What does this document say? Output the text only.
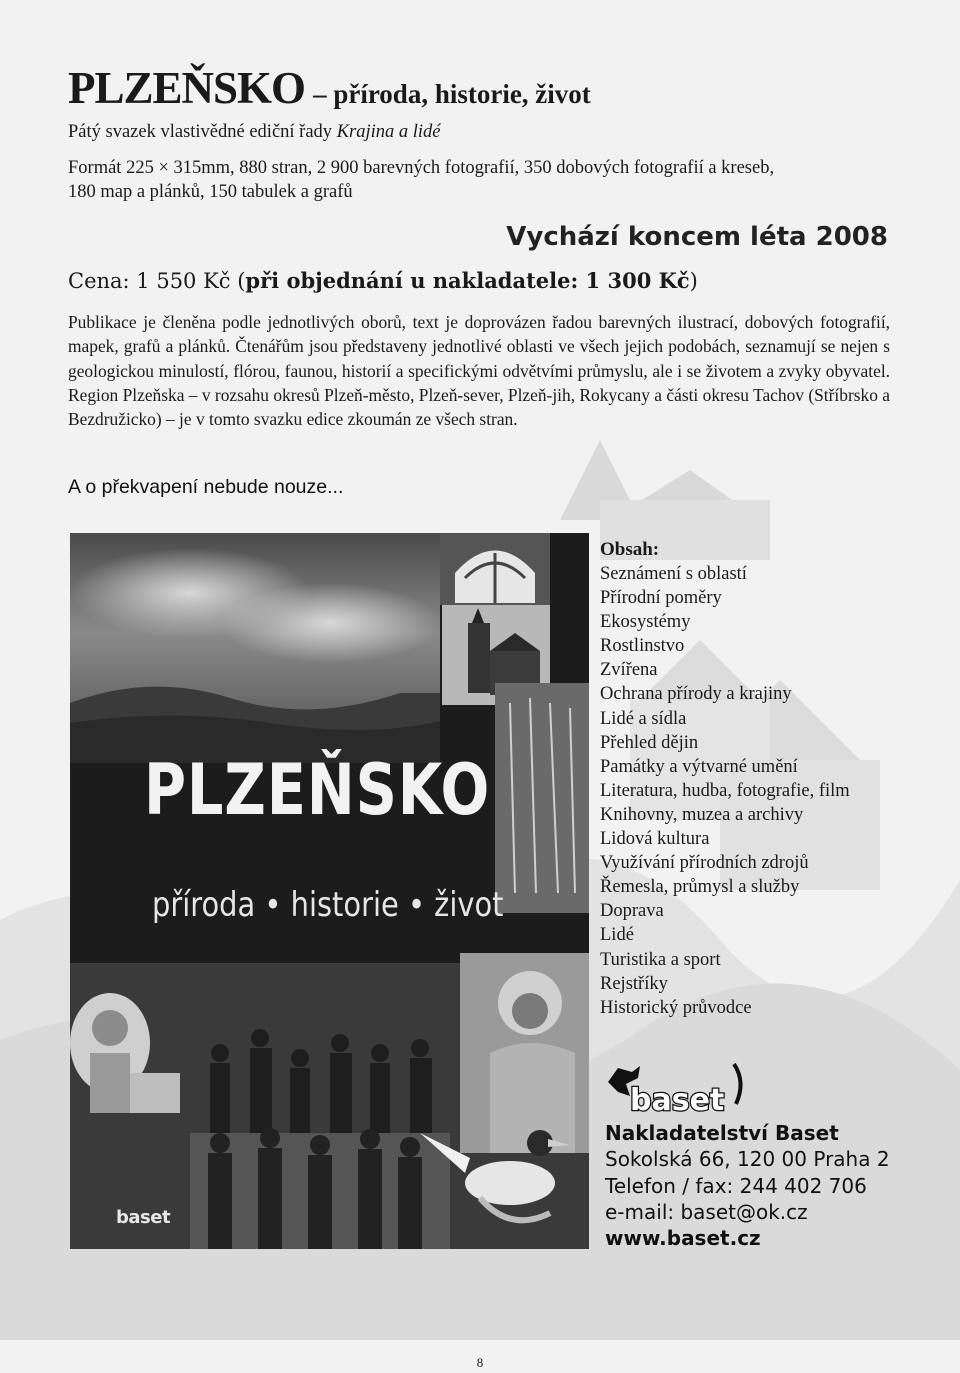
PLZEŇSKO – příroda, historie, život
Pátý svazek vlastivědné ediční řady Krajina a lidé
Formát 225 × 315mm, 880 stran, 2 900 barevných fotografií, 350 dobových fotografií a kreseb,
180 map a plánků, 150 tabulek a grafů
Vychází koncem léta 2008
Cena: 1 550 Kč (při objednání u nakladatele: 1 300 Kč)

Publikace je členěna podle jednotlivých oborů, text je doprovázen řadou barevných ilustrací, dobových fotografií, mapek, grafů a plánků. Čtenářům jsou představeny jednotlivé oblasti ve všech jejich podobách, seznamují se nejen s geologickou minulostí, flórou, faunou, historií a specifickými odvětvími průmyslu, ale i se životem a zvyky obyvatel. Region Plzeňska – v rozsahu okresů Plzeň-město, Plzeň-sever, Plzeň-jih, Rokycany a části okresu Tachov (Stříbrsko a Bezdružicko) – je v tomto svazku edice zkoumán ze všech stran.

A o překvapení nebude nouze...
PLZEŇSKO
příroda • historie • život
baset
Obsah:
Seznámení s oblastí
Přírodní poměry
Ekosystémy
Rostlinstvo
Zvířena
Ochrana přírody a krajiny
Lidé a sídla
Přehled dějin
Památky a výtvarné umění
Literatura, hudba, fotografie, film
Knihovny, muzea a archivy
Lidová kultura
Využívání přírodních zdrojů
Řemesla, průmysl a služby
Doprava
Lidé
Turistika a sport
Rejstříky
Historický průvodce
baset
Nakladatelství Baset
Sokolská 66, 120 00 Praha 2
Telefon / fax: 244 402 706
e-mail: baset@ok.cz
www.baset.cz
8
